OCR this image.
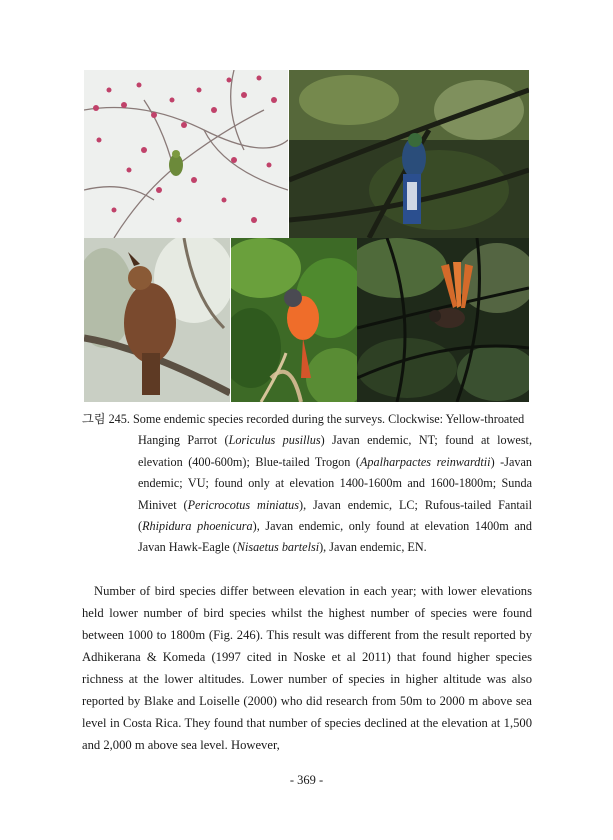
그림 245. Some endemic species recorded during the surveys. Clockwise: Yellow-throated
Hanging Parrot (Loriculus pusillus) Javan endemic, NT; found at lowest, elevation (400-600m); Blue-tailed Trogon (Apalharpactes reinwardtii) -Javan endemic; VU; found only at elevation 1400-1600m and 1600-1800m; Sunda Minivet (Pericrocotus miniatus), Javan endemic, LC; Rufous-tailed Fantail (Rhipidura phoenicura), Javan endemic, only found at elevation 1400m and Javan Hawk-Eagle (Nisaetus bartelsi), Javan endemic, EN.

Number of bird species differ between elevation in each year; with lower elevations held lower number of bird species whilst the highest number of species were found between 1000 to 1800m (Fig. 246). This result was different from the result reported by Adhikerana & Komeda (1997 cited in Noske et al 2011) that found higher species richness at the lower altitudes. Lower number of species in higher altitude was also reported by Blake and Loiselle (2000) who did research from 50m to 2000 m above sea level in Costa Rica. They found that number of species declined at the elevation at 1,500 and 2,000 m above sea level. However,

- 369 -
